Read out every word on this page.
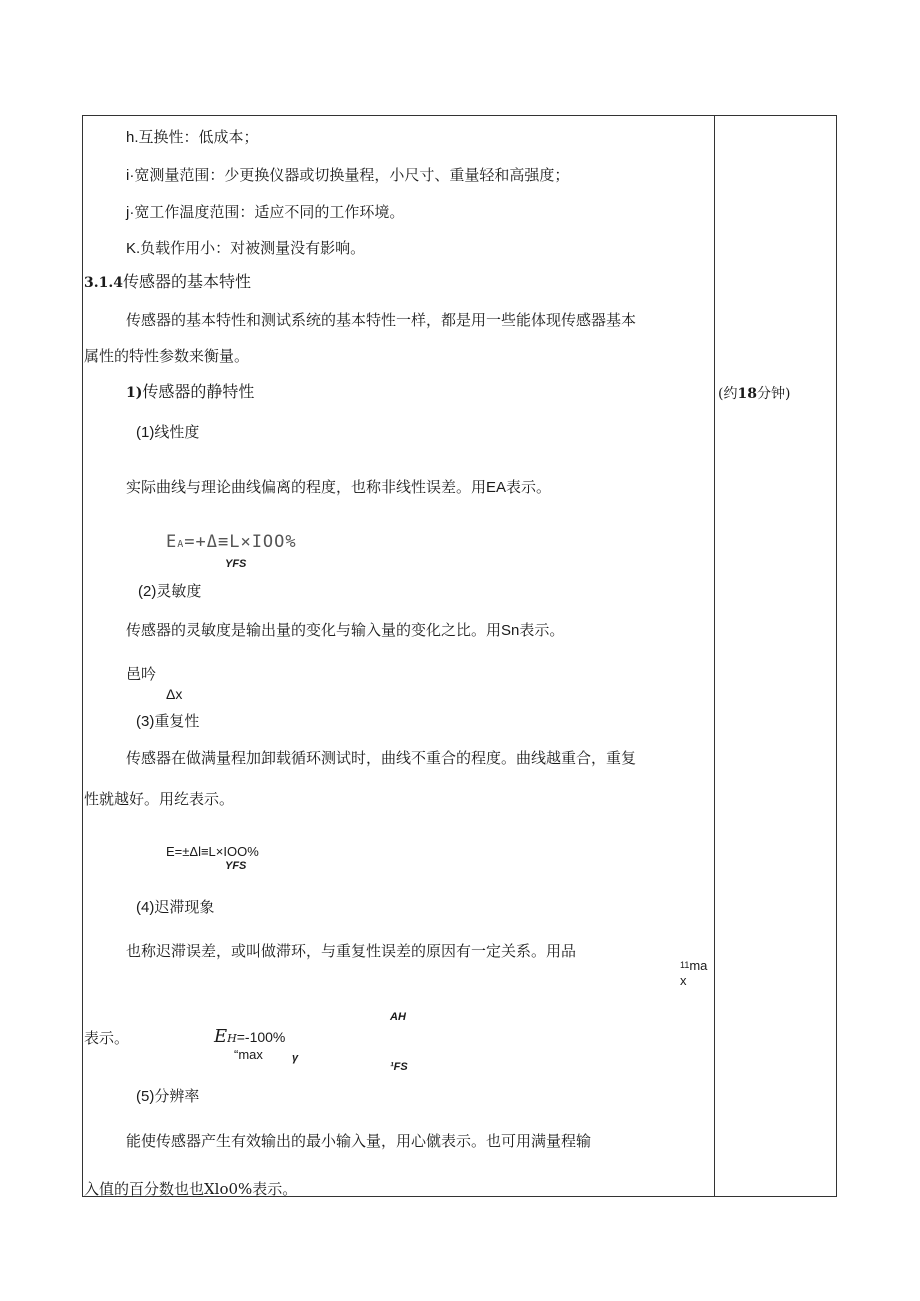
h.互换性：低成本；
i·宽测量范围：少更换仪器或切换量程，小尺寸、重量轻和高强度；
j·宽工作温度范围：适应不同的工作环境。
K.负载作用小：对被测量没有影响。
3.1.4传感器的基本特性
传感器的基本特性和测试系统的基本特性一样，都是用一些能体现传感器基本
属性的特性参数来衡量。
1)传感器的静特性	(约18分钟)
(1)线性度
实际曲线与理论曲线偏离的程度，也称非线性误差。用EA表示。
EA=+Δ≡L×IOO%
YFS
(2)灵敏度
传感器的灵敏度是输出量的变化与输入量的变化之比。用Sn表示。
邑吟
Δx
(3)重复性
传感器在做满量程加卸载循环测试时，曲线不重合的程度。曲线越重合，重复
性就越好。用纥表示。
E=±Δl≡L×IOO%
YFS
(4)迟滞现象
也称迟滞误差，或叫做滞环，与重复性误差的原因有一定关系。用品
$^{11}$ma
x
AH
表示。	EH=-100%
“max	γ
¹FS
(5)分辨率
能使传感器产生有效输出的最小输入量，用心僦表示。也可用满量程输
入值的百分数也也Xlo0%表示。
